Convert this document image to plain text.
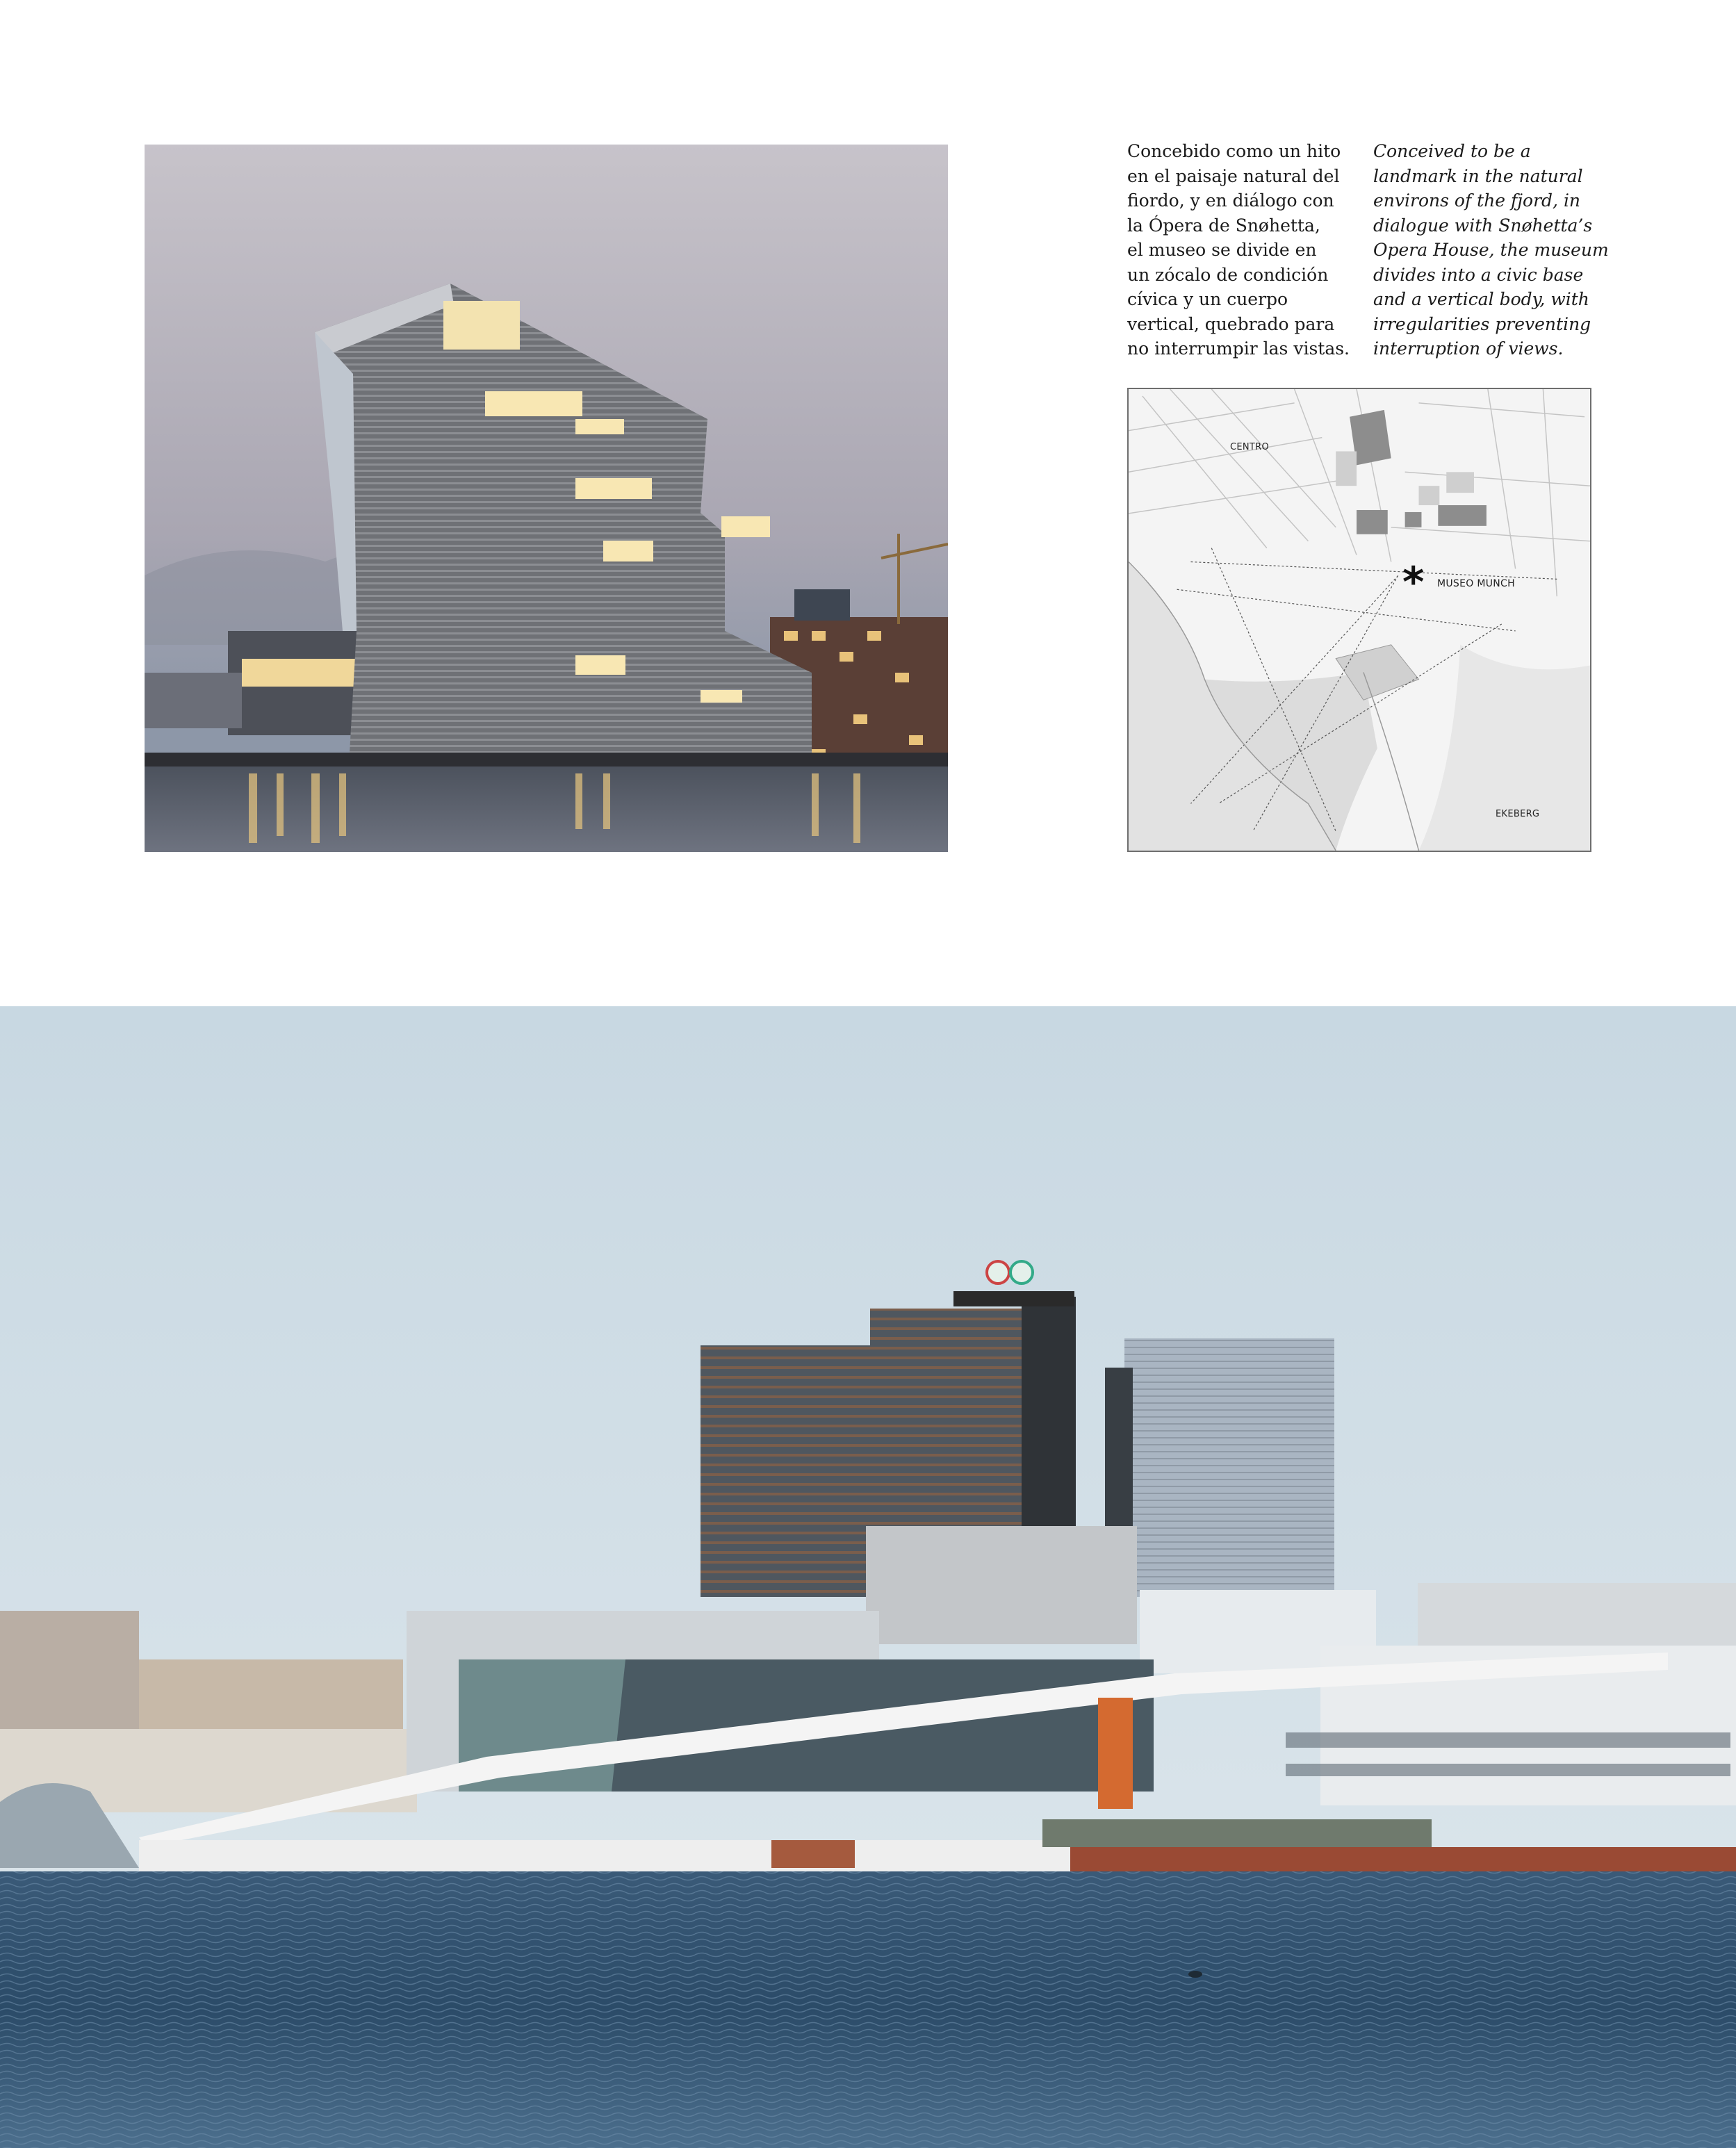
Concebido como un hito

en el paisaje natural del

fiordo, y en diálogo con

la Ópera de Snøhetta,

el museo se divide en

un zócalo de condición

cívica y un cuerpo

vertical, quebrado para

no interrumpir las vistas.

Conceived to be a

landmark in the natural

environs of the fjord, in

dialogue with Snøhetta’s

Opera House, the museum

divides into a civic base

and a vertical body, with

irregularities preventing

interruption of views.

CENTRO
* MUSEO MUNCH
EKEBERG
